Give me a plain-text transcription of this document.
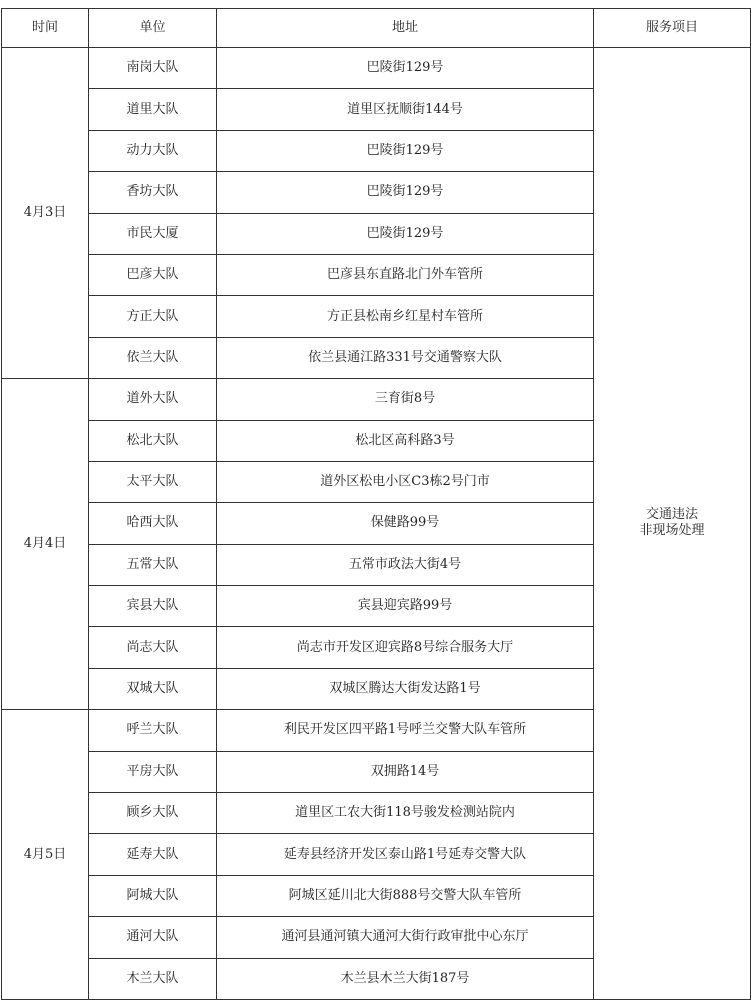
时间	单位	地址	服务项目
4月3日	南岗大队	巴陵街129号	交通违法
非现场处理

	道里大队	道里区抚顺街144号	
	动力大队	巴陵街129号	
	香坊大队	巴陵街129号	
	市民大厦	巴陵街129号	
	巴彦大队	巴彦县东直路北门外车管所	
	方正大队	方正县松南乡红星村车管所	
	依兰大队	依兰县通江路331号交通警察大队	
4月4日	道外大队	三育街8号	
	松北大队	松北区高科路3号	
	太平大队	道外区松电小区C3栋2号门市	
	哈西大队	保健路99号	
	五常大队	五常市政法大街4号	
	宾县大队	宾县迎宾路99号	
	尚志大队	尚志市开发区迎宾路8号综合服务大厅	
	双城大队	双城区腾达大街发达路1号	
4月5日	呼兰大队	利民开发区四平路1号呼兰交警大队车管所	
	平房大队	双拥路14号	
	顾乡大队	道里区工农大街118号骏发检测站院内	
	延寿大队	延寿县经济开发区泰山路1号延寿交警大队	
	阿城大队	阿城区延川北大街888号交警大队车管所	
	通河大队	通河县通河镇大通河大街行政审批中心东厅	
	木兰大队	木兰县木兰大街187号	
